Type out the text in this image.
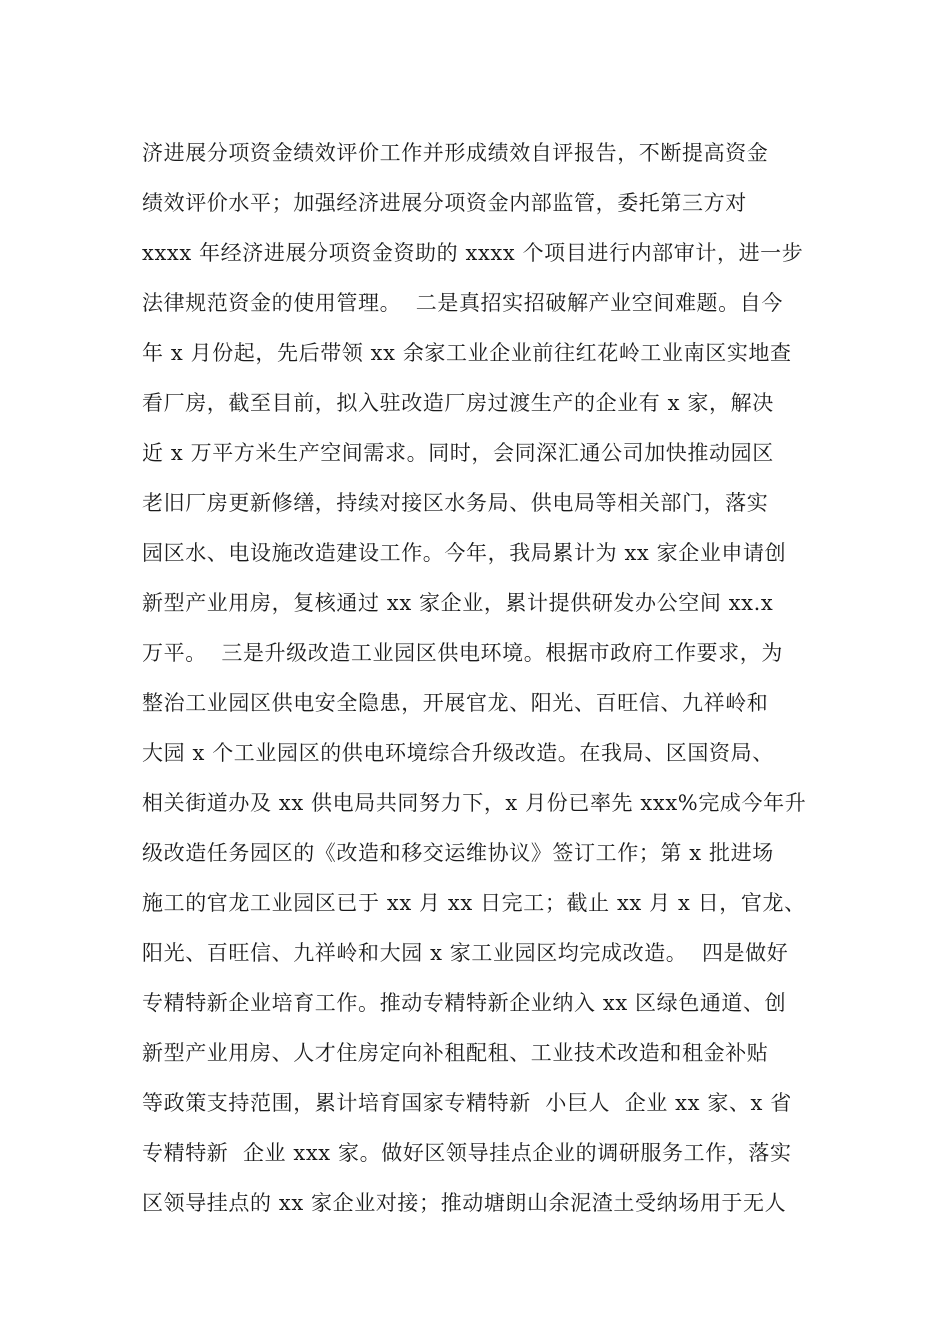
济进展分项资金绩效评价工作并形成绩效自评报告，不断提高资金
绩效评价水平；加强经济进展分项资金内部监管，委托第三方对
xxxx 年经济进展分项资金资助的 xxxx 个项目进行内部审计，进一步
法律规范资金的使用管理。  二是真招实招破解产业空间难题。自今
年 x 月份起，先后带领 xx 余家工业企业前往红花岭工业南区实地查
看厂房，截至目前，拟入驻改造厂房过渡生产的企业有 x 家，解决
近 x 万平方米生产空间需求。同时，会同深汇通公司加快推动园区
老旧厂房更新修缮，持续对接区水务局、供电局等相关部门，落实
园区水、电设施改造建设工作。今年，我局累计为 xx 家企业申请创
新型产业用房，复核通过 xx 家企业，累计提供研发办公空间 xx.x
万平。  三是升级改造工业园区供电环境。根据市政府工作要求，为
整治工业园区供电安全隐患，开展官龙、阳光、百旺信、九祥岭和
大园 x 个工业园区的供电环境综合升级改造。在我局、区国资局、
相关街道办及 xx 供电局共同努力下，x 月份已率先 xxx%完成今年升
级改造任务园区的《改造和移交运维协议》签订工作；第 x 批进场
施工的官龙工业园区已于 xx 月 xx 日完工；截止 xx 月 x 日，官龙、
阳光、百旺信、九祥岭和大园 x 家工业园区均完成改造。  四是做好
专精特新企业培育工作。推动专精特新企业纳入 xx 区绿色通道、创
新型产业用房、人才住房定向补租配租、工业技术改造和租金补贴
等政策支持范围，累计培育国家专精特新  小巨人  企业 xx 家、x 省
专精特新  企业 xxx 家。做好区领导挂点企业的调研服务工作，落实
区领导挂点的 xx 家企业对接；推动塘朗山余泥渣土受纳场用于无人
